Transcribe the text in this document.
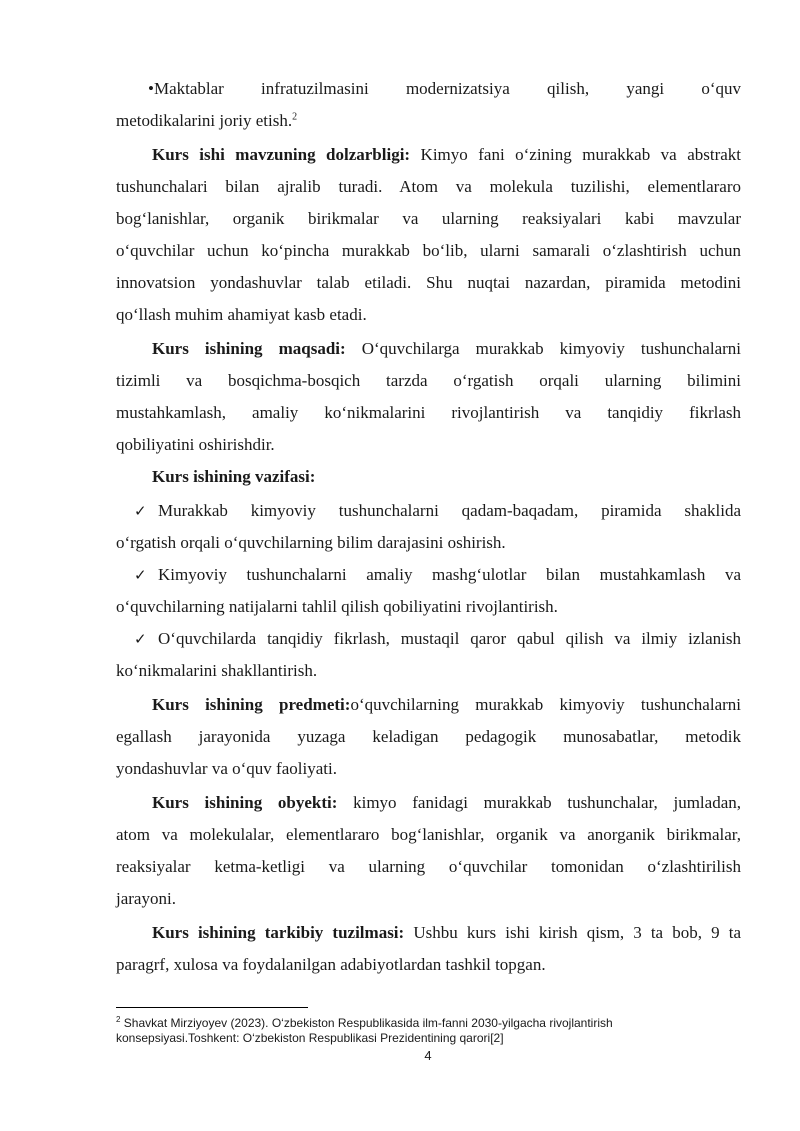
•Maktablar infratuzilmasini modernizatsiya qilish, yangi o‘quv
metodikalarini joriy etish.$^2$
Kurs ishi mavzuning dolzarbligi: Kimyo fani o‘zining murakkab va abstrakt
tushunchalari bilan ajralib turadi. Atom va molekula tuzilishi, elementlararo
bog‘lanishlar, organik birikmalar va ularning reaksiyalari kabi mavzular
o‘quvchilar uchun ko‘pincha murakkab bo‘lib, ularni samarali o‘zlashtirish uchun
innovatsion yondashuvlar talab etiladi. Shu nuqtai nazardan, piramida metodini
qo‘llash muhim ahamiyat kasb etadi.
Kurs ishining maqsadi: O‘quvchilarga murakkab kimyoviy tushunchalarni
tizimli va bosqichma-bosqich tarzda o‘rgatish orqali ularning bilimini
mustahkamlash, amaliy ko‘nikmalarini rivojlantirish va tanqidiy fikrlash
qobiliyatini oshirishdir.
Kurs ishining vazifasi:
✓ Murakkab kimyoviy tushunchalarni qadam-baqadam, piramida shaklida
o‘rgatish orqali o‘quvchilarning bilim darajasini oshirish.
✓ Kimyoviy tushunchalarni amaliy mashg‘ulotlar bilan mustahkamlash va
o‘quvchilarning natijalarni tahlil qilish qobiliyatini rivojlantirish.
✓ O‘quvchilarda tanqidiy fikrlash, mustaqil qaror qabul qilish va ilmiy izlanish
ko‘nikmalarini shakllantirish.
Kurs ishining predmeti:o‘quvchilarning murakkab kimyoviy tushunchalarni
egallash jarayonida yuzaga keladigan pedagogik munosabatlar, metodik
yondashuvlar va o‘quv faoliyati.
Kurs ishining obyekti: kimyo fanidagi murakkab tushunchalar, jumladan,
atom va molekulalar, elementlararo bog‘lanishlar, organik va anorganik birikmalar,
reaksiyalar ketma-ketligi va ularning o‘quvchilar tomonidan o‘zlashtirilish
jarayoni.
Kurs ishining tarkibiy tuzilmasi: Ushbu kurs ishi kirish qism, 3 ta bob, 9 ta
paragrf, xulosa va foydalanilgan adabiyotlardan tashkil topgan.
$^2$ Shavkat Mirziyoyev (2023). O‘zbekiston Respublikasida ilm-fanni 2030-yilgacha rivojlantirish
konsepsiyasi.Toshkent: O‘zbekiston Respublikasi Prezidentining qarori[2]
4
